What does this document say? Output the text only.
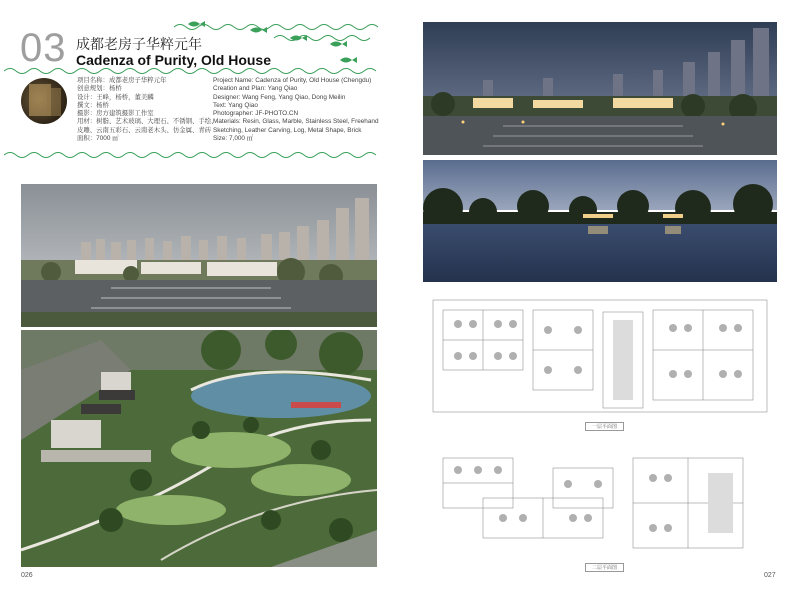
03 成都老房子华粹元年
Cadenza of Purity, Old House
项目名称：成都老房子华粹元年
创意规划：杨桥
设计：王峰，杨桥，董美麟
撰文：杨桥
摄影：房方建筑摄影工作室
用材：树脂、艺术玻璃、大理石、不锈钢、手绘、
皮雕、云南五彩石、云南老木头、仿金属、青砖
面积：7000 ㎡
Project Name: Cadenza of Purity, Old House (Chengdu)
Creation and Plan: Yang Qiao
Designer: Wang Feng, Yang Qiao, Dong Meilin
Text: Yang Qiao
Photographer: JF-PHOTO.CN
Materials: Resin, Glass, Marble, Stainless Steel, Freehand
Sketching, Leather Carving, Log, Metal Shape, Brick
Size: 7,000 ㎡
026
一层平面图
二层平面图
027
